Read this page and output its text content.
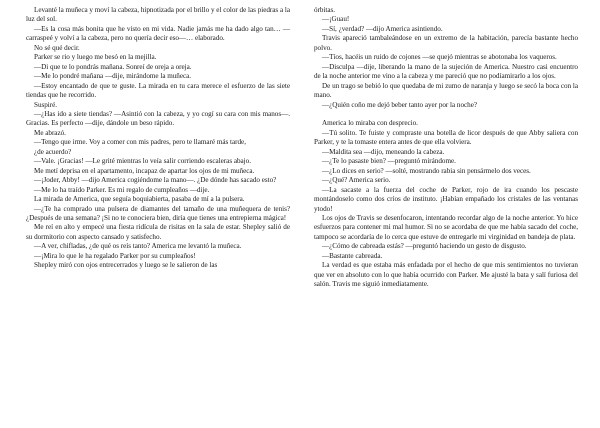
Levanté la muñeca y moví la cabeza, hipnotizada por el brillo y el color de las piedras a la luz del sol.

—Es la cosa más bonita que he visto en mi vida. Nadie jamás me ha dado algo tan… —carraspeé y volví a la cabeza, pero no quería decir eso—… elaborado.

No sé qué decir.

Parker se rio y luego me besó en la mejilla.

—Di que te lo pondrás mañana. Sonreí de oreja a oreja.

—Me lo pondré mañana —dije, mirándome la muñeca.

—Estoy encantado de que te guste. La mirada en tu cara merece el esfuerzo de las siete tiendas que he recorrido.

Suspiré.

—¿Has ido a siete tiendas? —Asintió con la cabeza, y yo cogí su cara con mis manos—. Gracias. Es perfecto —dije, dándole un beso rápido.

Me abrazó.

—Tengo que irme. Voy a comer con mis padres, pero te llamaré más tarde,

¿de acuerdo?

—Vale. ¡Gracias! —Le grité mientras lo veía salir corriendo escaleras abajo.

Me metí deprisa en el apartamento, incapaz de apartar los ojos de mi muñeca.

—¡Joder, Abby! —dijo America cogiéndome la mano—. ¿De dónde has sacado esto?

—Me lo ha traído Parker. Es mi regalo de cumpleaños —dije.

La mirada de America, que seguía boquiabierta, pasaba de mí a la pulsera.

—¿Te ha comprado una pulsera de diamantes del tamaño de una muñequera de tenis? ¿Después de una semana? ¡Si no te conociera bien, diría que tienes una entrepierna mágica!

Me reí en alto y empecé una fiesta ridícula de risitas en la sala de estar. Shepley salió de su dormitorio con aspecto cansado y satisfecho.

—A ver, chifladas, ¿de qué os reís tanto? America me levantó la muñeca.

—¡Mira lo que le ha regalado Parker por su cumpleaños!

Shepley miró con ojos entrecerrados y luego se le salieron de las

órbitas.

—¡Guau!

—Sí, ¿verdad? —dijo America asintiendo.

Travis apareció tambaleándose en un extremo de la habitación, parecía bastante hecho polvo.

—Tíos, hacéis un ruido de cojones —se quejó mientras se abotonaba los vaqueros.

—Disculpa —dije, liberando la mano de la sujeción de America. Nuestro casi encuentro de la noche anterior me vino a la cabeza y me pareció que no podíamirarlo a los ojos.

De un trago se bebió lo que quedaba de mi zumo de naranja y luego se secó la boca con la mano.

—¿Quién coño me dejó beber tanto ayer por la noche?

America lo miraba con desprecio.

—Tú solito. Te fuiste y compraste una botella de licor después de que Abby saliera con Parker, y te la tomaste entera antes de que ella volviera.

—Maldita sea —dijo, meneando la cabeza.

—¿Te lo pasaste bien? —preguntó mirándome.

—¿Lo dices en serio? —solté, mostrando rabia sin pensármelo dos veces.

—¿Qué? America serio.

—La sacaste a la fuerza del coche de Parker, rojo de ira cuando los pescaste montándoselo como dos críos de instituto. ¡Habían empañado los cristales de las ventanas ytodo!

Los ojos de Travis se desenfocaron, intentando recordar algo de la noche anterior. Yo hice esfuerzos para contener mi mal humor. Si no se acordaba de que me había sacado del coche, tampoco se acordaría de lo cerca que estuve de entregarle mi virginidad en bandeja de plata.

—¿Cómo de cabreada estás? —preguntó haciendo un gesto de disgusto.

—Bastante cabreada.

La verdad es que estaba más enfadada por el hecho de que mis sentimientos no tuvieran que ver en absoluto con lo que había ocurrido con Parker. Me ajusté la bata y salí furiosa del salón. Travis me siguió inmediatamente.
